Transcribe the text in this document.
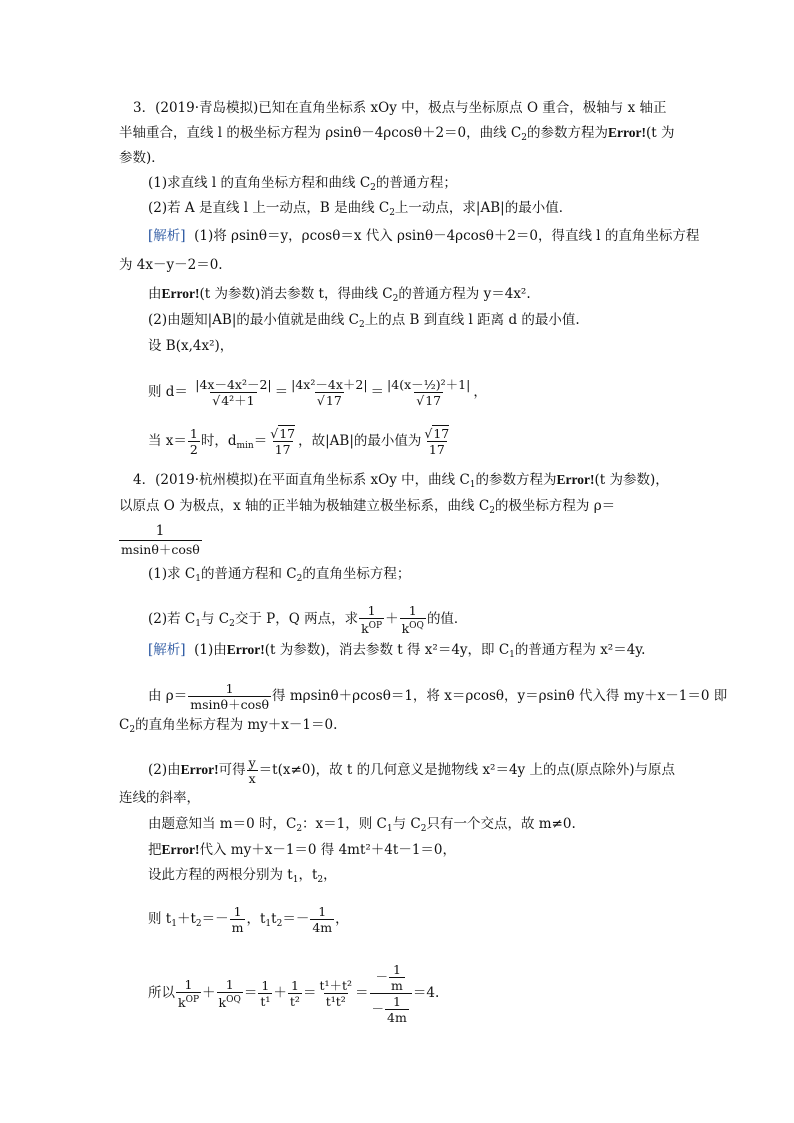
3．(2019·青岛模拟)已知在直角坐标系 xOy 中，极点与坐标原点 O 重合，极轴与 x 轴正
半轴重合，直线 l 的极坐标方程为 ρsinθ－4ρcosθ＋2＝0，曲线 $C_2$的参数方程为Error!(t 为
参数)．
(1)求直线 l 的直角坐标方程和曲线 $C_2$的普通方程；
(2)若 A 是直线 l 上一动点，B 是曲线 $C_2$上一动点，求|AB|的最小值．
[解析] (1)将 ρsinθ＝y，ρcosθ＝x 代入 ρsinθ－4ρcosθ＋2＝0，得直线 l 的直角坐标方程
为 4x－y－2＝0.
由Error!(t 为参数)消去参数 t，得曲线 $C_2$的普通方程为 y＝4x².
(2)由题知|AB|的最小值就是曲线 $C_2$上的点 B 到直线 l 距离 d 的最小值.
设 B(x,4x²)，
则 $d= \frac{\text{|4x－4x²－2|}}{\text{√4²＋1}} = \frac{\text{|4x²－4x＋2|}}{√17} = \frac{\text{|4(x－½)²＋1|}}{√17}$ ，
当 $x= \frac{1}{2}$ 时，$d_{min}= \frac{√17}{17}$ ，故|AB|的最小值为 $\frac{√17}{17}$
4．(2019·杭州模拟)在平面直角坐标系 xOy 中，曲线 $C_1$的参数方程为Error!(t 为参数)，
以原点 O 为极点，x 轴的正半轴为极轴建立极坐标系，曲线 $C_2$的极坐标方程为 ρ＝
1
msinθ＋cosθ
(1)求 $C_1$的普通方程和 $C_2$的直角坐标方程；
(2)若 $C_1$与 $C_2$交于 P，Q 两点，求 $\frac{1}{k^{OP}} + \frac{1}{k^{OQ}}$ 的值．
[解析] (1)由Error!(t 为参数)，消去参数 t 得 x²＝4y，即 $C_1$的普通方程为 x²＝4y.
由 $\rho= \frac{1}{msin\theta+\cos\theta}$ 得 mρsinθ＋ρcosθ＝1，将 x＝ρcosθ，y＝ρsinθ 代入得 my＋x－1＝0 即
$C_2$的直角坐标方程为 my＋x－1＝0.
(2)由Error!可得 $\frac{y}{x} =t(x\ne 0)$，故 t 的几何意义是抛物线 x²＝4y 上的点(原点除外)与原点
连线的斜率，
由题意知当 m＝0 时，$C_2$：x＝1，则 $C_1$与 $C_2$只有一个交点，故 m≠0.
把Error!代入 my＋x－1＝0 得 4mt²＋4t－1＝0，
设此方程的两根分别为 $t_1$，$t_2$，
则 $t_1+t_2=- \frac{1}{m}$ ，$t_1t_2=- \frac{1}{4m}$ ，
所以 $\frac{1}{k^{OP}} + \frac{1}{k^{OQ}} = \frac{1}{\text{t¹}} + \frac{1}{\text{t²}} = \frac{\text{t¹＋t²}}{\text{t¹t²}} = \frac{- \frac{1}{m}}{- \frac{1}{4m}} =4$.
